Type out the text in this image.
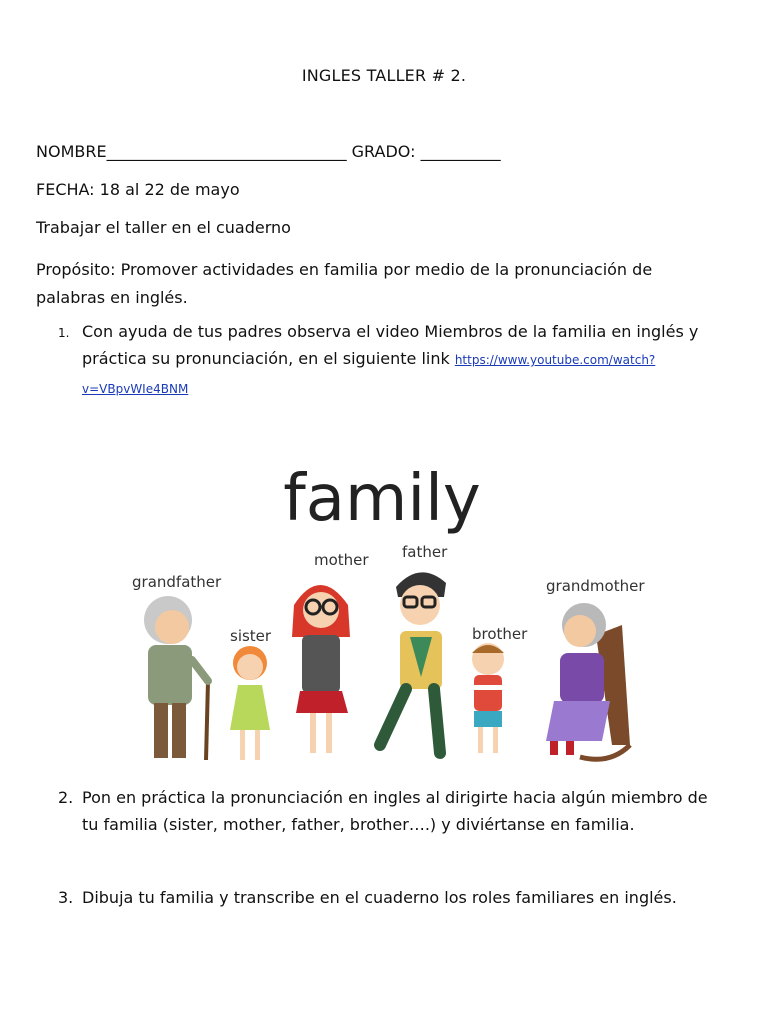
INGLES TALLER # 2.
NOMBRE______________________________ GRADO: __________
FECHA: 18 al 22 de mayo
Trabajar el taller en el cuaderno
Propósito: Promover actividades en familia por medio de la pronunciación de palabras en inglés.
1. Con ayuda de tus padres observa el video Miembros de la familia en inglés y práctica su pronunciación, en el siguiente link https://www.youtube.com/watch?v=VBpvWIe4BNM
family
grandfather
sister
mother father
brother
grandmother
2. Pon en práctica la pronunciación en ingles al dirigirte hacia algún miembro de tu familia (sister, mother, father, brother….) y diviértanse en familia.
3. Dibuja tu familia y transcribe en el cuaderno los roles familiares en inglés.
